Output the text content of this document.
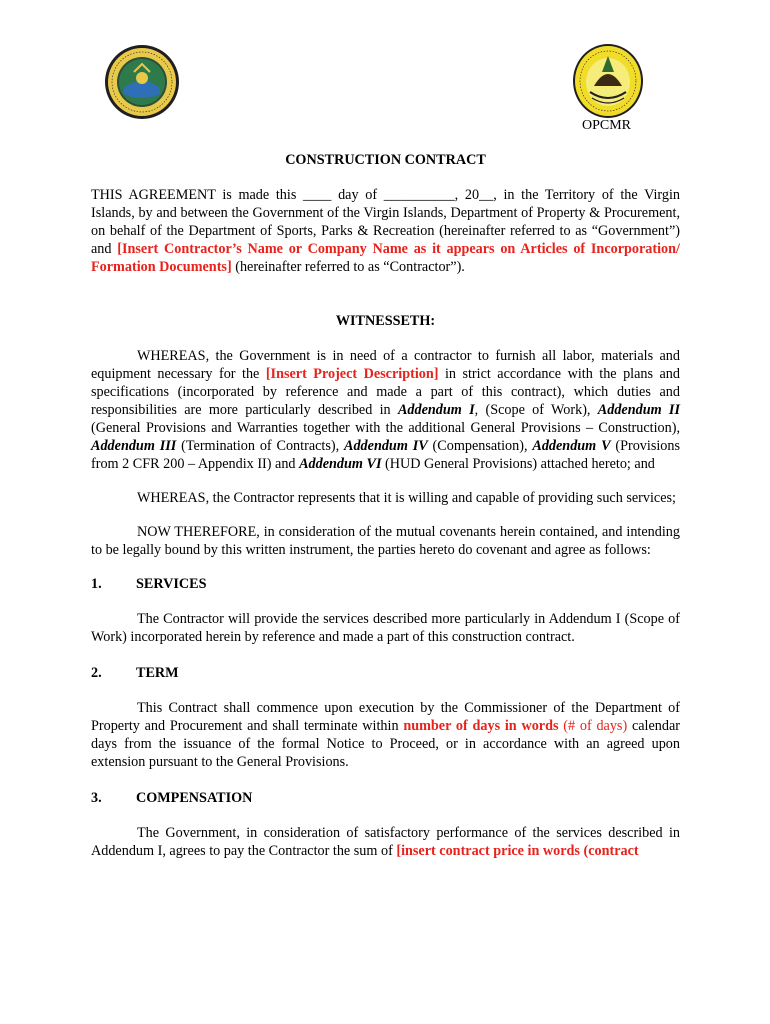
OPCMR
CONSTRUCTION CONTRACT

THIS AGREEMENT is made this ____ day of __________, 20__, in the Territory of the Virgin Islands, by and between the Government of the Virgin Islands, Department of Property & Procurement, on behalf of the Department of Sports, Parks & Recreation (hereinafter referred to as “Government”) and [Insert Contractor’s Name or Company Name as it appears on Articles of Incorporation/ Formation Documents] (hereinafter referred to as “Contractor”).

WITNESSETH:

WHEREAS, the Government is in need of a contractor to furnish all labor, materials and equipment necessary for the [Insert Project Description] in strict accordance with the plans and specifications (incorporated by reference and made a part of this contract), which duties and responsibilities are more particularly described in Addendum I, (Scope of Work), Addendum II (General Provisions and Warranties together with the additional General Provisions – Construction), Addendum III (Termination of Contracts), Addendum IV (Compensation), Addendum V (Provisions from 2 CFR 200 – Appendix II) and Addendum VI (HUD General Provisions) attached hereto; and

WHEREAS, the Contractor represents that it is willing and capable of providing such services;

NOW THEREFORE, in consideration of the mutual covenants herein contained, and intending to be legally bound by this written instrument, the parties hereto do covenant and agree as follows:

1.	SERVICES

The Contractor will provide the services described more particularly in Addendum I (Scope of Work) incorporated herein by reference and made a part of this construction contract.

2.	TERM

This Contract shall commence upon execution by the Commissioner of the Department of Property and Procurement and shall terminate within number of days in words (# of days) calendar days from the issuance of the formal Notice to Proceed, or in accordance with an agreed upon extension pursuant to the General Provisions.

3.	COMPENSATION

The Government, in consideration of satisfactory performance of the services described in Addendum I, agrees to pay the Contractor the sum of [insert contract price in words (contract
